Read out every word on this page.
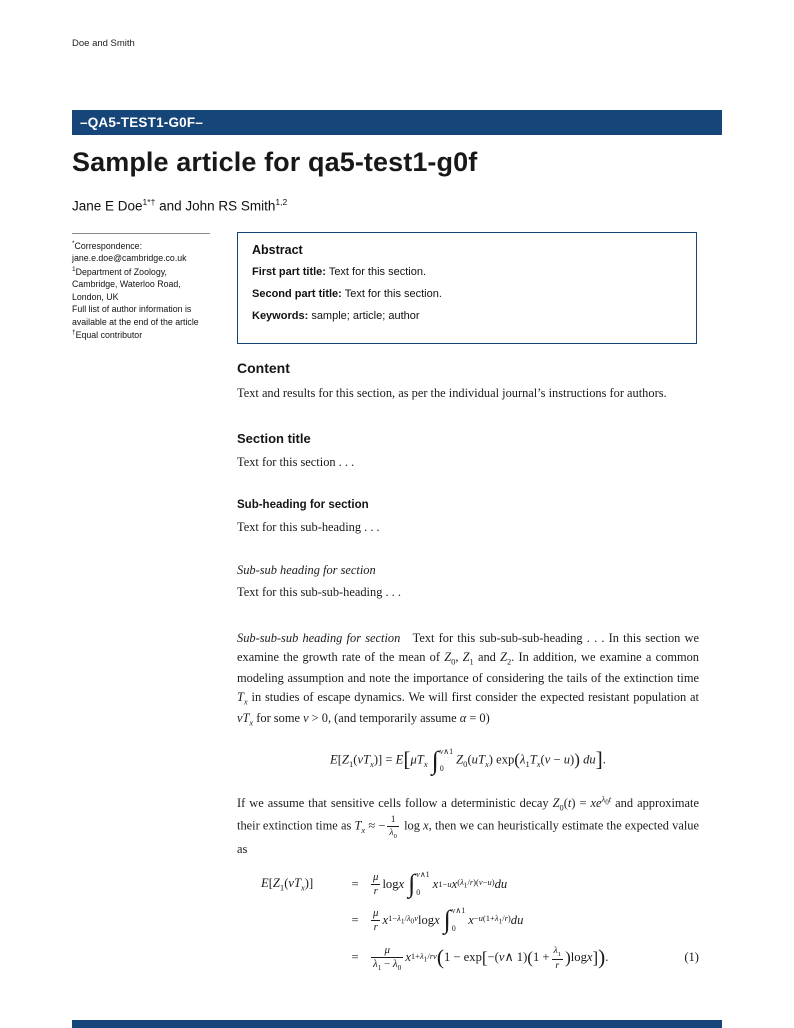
Doe and Smith
–QA5-TEST1-G0F–
Sample article for qa5-test1-g0f
Jane E Doe$^{1*\dagger}$ and John RS Smith$^{1,2}$
*Correspondence:
jane.e.doe@cambridge.co.uk
$^1$Department of Zoology,
Cambridge, Waterloo Road,
London, UK
Full list of author information is
available at the end of the article
†Equal contributor
Abstract

First part title: Text for this section.

Second part title: Text for this section.

Keywords: sample; article; author

Content

Text and results for this section, as per the individual journal’s instructions for authors.

Section title

Text for this section . . .

Sub-heading for section

Text for this sub-heading . . .

Sub-sub heading for section

Text for this sub-sub-heading . . .

Sub-sub-sub heading for section Text for this sub-sub-sub-heading . . . In this section we examine the growth rate of the mean of $Z_0$, $Z_1$ and $Z_2$. In addition, we examine a common modeling assumption and note the importance of considering the tails of the extinction time $T_x$ in studies of escape dynamics. We will first consider the expected resistant population at $vT_x$ for some v > 0, (and temporarily assume α = 0)

$E[Z_1(vT_x)] = E[\mu T_x$ ∫ v∧1
0
$Z_0(uT_x) \exp(\lambda_1T_x(v - u))$ du].

If we assume that sensitive cells follow a deterministic decay $Z_0(t) = xe^{\lambda_0t}$ and approximate their extinction time as $T_x$ ≈ − $\frac{1}{\lambda_0}$ log x, then we can heuristically estimate the expected value as

$E[Z_1(vT_x)]$	=	$\frac{\mu}{r}$ log x ∫ v∧1
0
x 1−u x $(\lambda_1/r)(v-u)$ du
=	$\frac{\mu}{r}$ x $1-\lambda_1/\lambda_0v$ log x ∫ v∧1
0
$x -u(1+\lambda_1/r)$ du
=	$\frac{\mu}{\lambda_1 - \lambda_0}$ x $1+\lambda_1/rv$ ( 1 − exp [ −( v ∧ 1) ( $1 + \frac{\lambda_1}{r}$ ) log x ] ) .	(1)
